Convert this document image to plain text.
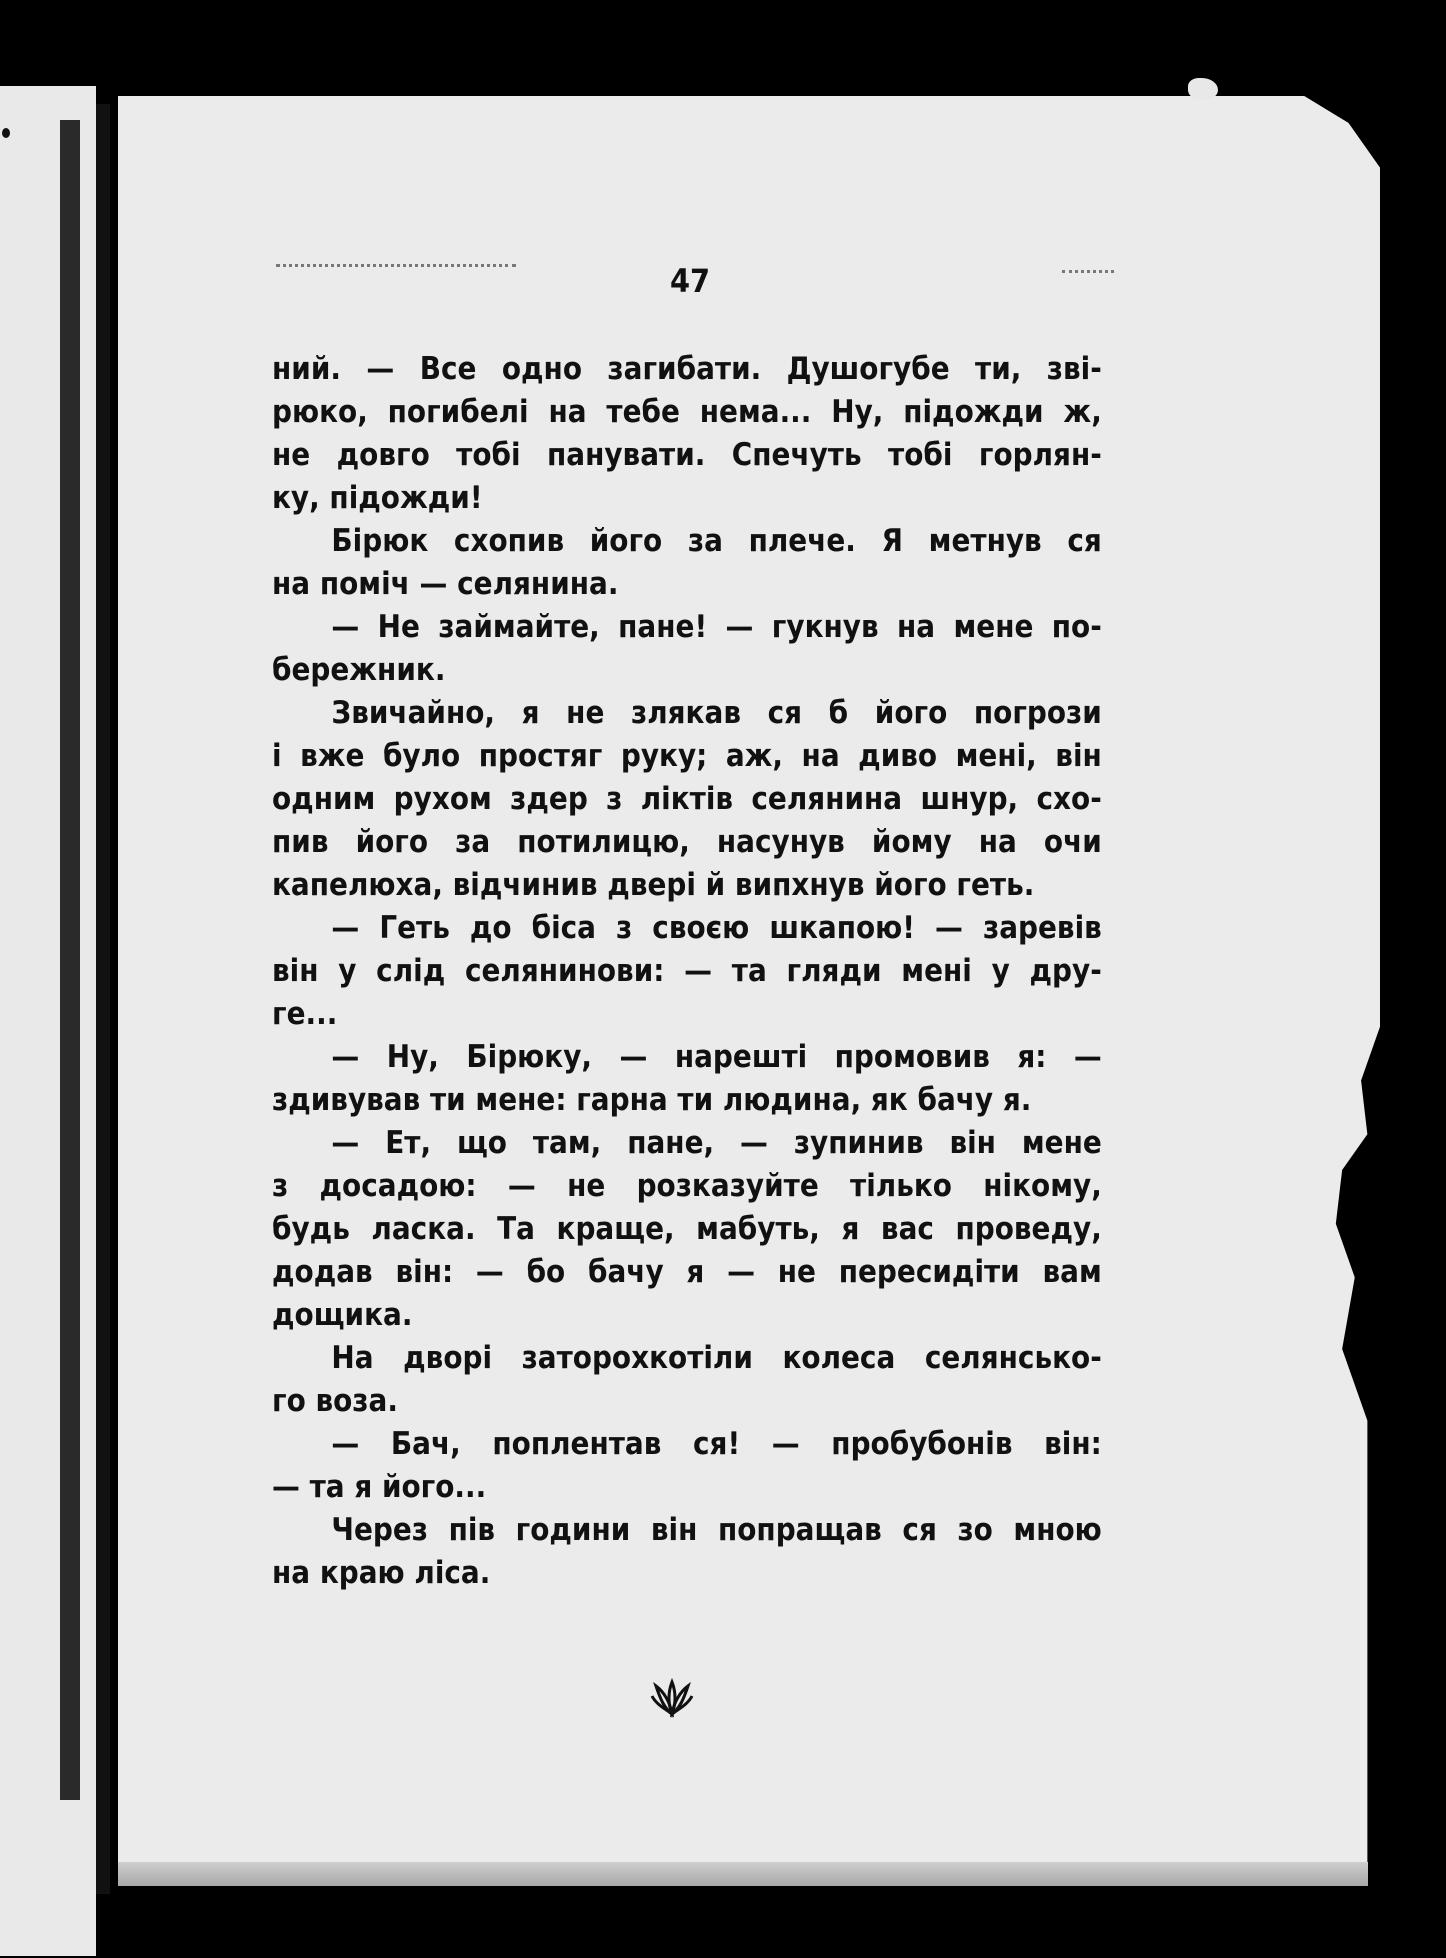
47
ний. — Все одно загибати. Душогубе ти, звi-
рюко, погибелi на тебе нема... Ну, пiдожди ж,
не довго тобi панувати. Спечуть тобi горлян-
ку, пiдожди!
Бiрюк схопив його за плече. Я метнув ся
на помiч — селянина.
— Не займайте, пане! — гукнув на мене по-
бережник.
Звичайно, я не злякав ся б його погрози
i вже було простяг руку; аж, на диво менi, вiн
одним рухом здер з лiктiв селянина шнур, схо-
пив його за потилицю, насунув йому на очи
капелюха, вiдчинив дверi й випхнув його геть.
— Геть до бiса з своєю шкапою! — заревiв
вiн у слiд селянинови: — та гляди менi у дру-
ге...
— Ну, Бiрюку, — нарештi промовив я: —
здивував ти мене: гарна ти людина, як бачу я.
— Ет, що там, пане, — зупинив вiн мене
з досадою: — не розказуйте тiлько нiкому,
будь ласка. Та краще, мабуть, я вас проведу,
додав вiн: — бо бачу я — не пересидiти вам
дощика.
На дворi заторохкотiли колеса селянсько-
го воза.
— Бач, поплентав ся! — пробубонiв вiн:
— та я його...
Через пiв години вiн попращав ся зо мною
на краю лiса.
